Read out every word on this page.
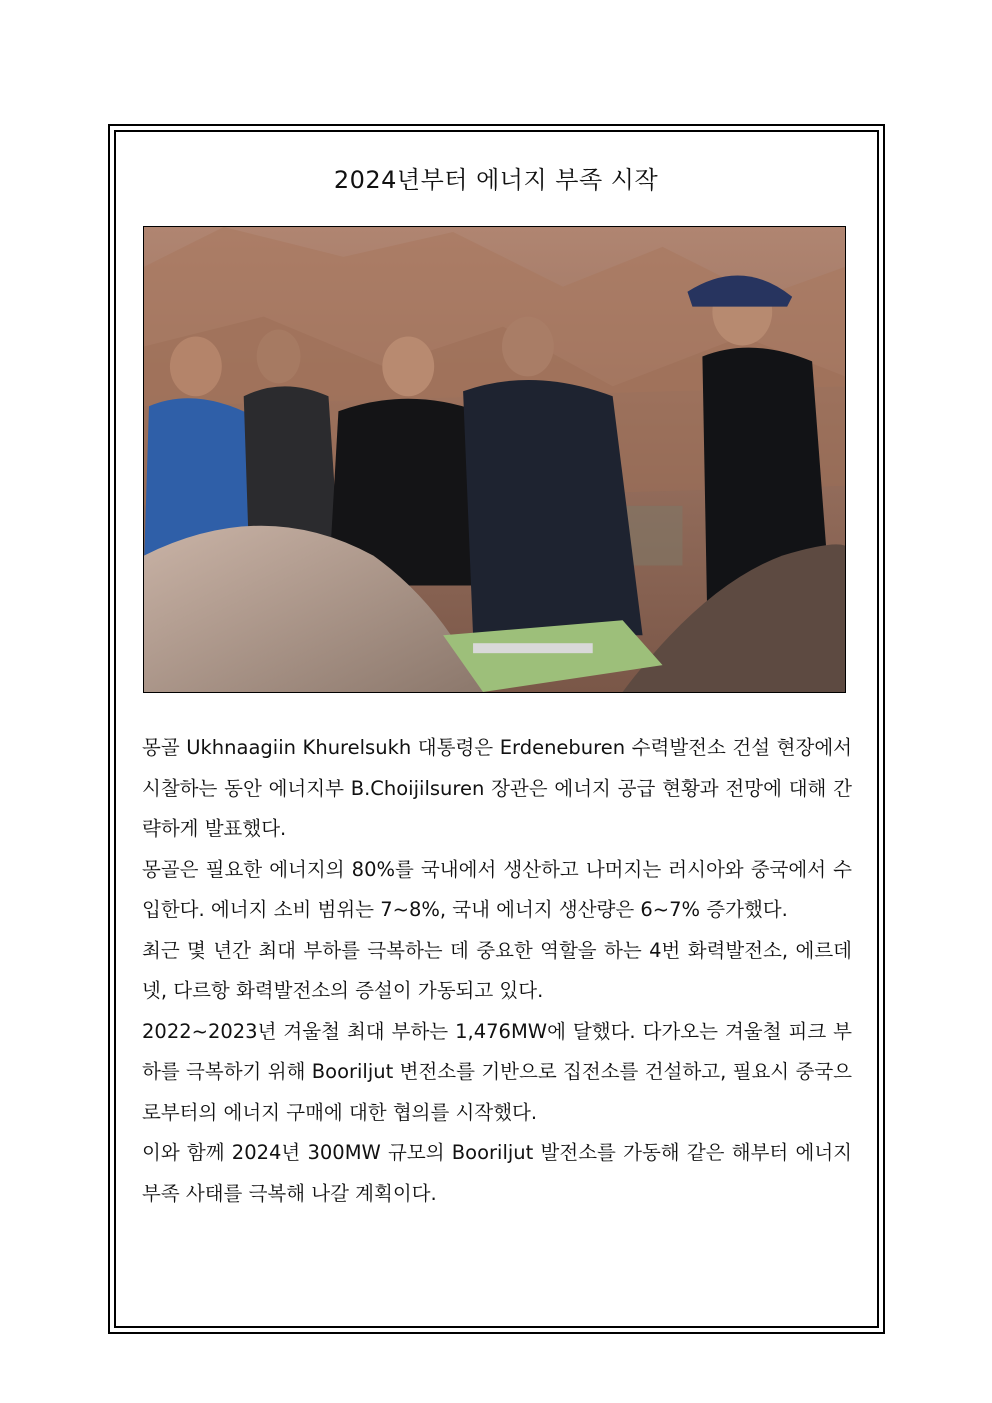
2024년부터 에너지 부족 시작

몽골 Ukhnaagiin Khurelsukh 대통령은 Erdeneburen 수력발전소 건설 현장에서 시찰하는 동안 에너지부 B.Choijilsuren 장관은 에너지 공급 현황과 전망에 대해 간략하게 발표했다.

몽골은 필요한 에너지의 80%를 국내에서 생산하고 나머지는 러시아와 중국에서 수입한다. 에너지 소비 범위는 7~8%, 국내 에너지 생산량은 6~7% 증가했다.

최근 몇 년간 최대 부하를 극복하는 데 중요한 역할을 하는 4번 화력발전소, 에르데넷, 다르항 화력발전소의 증설이 가동되고 있다.

2022~2023년 겨울철 최대 부하는 1,476MW에 달했다. 다가오는 겨울철 피크 부하를 극복하기 위해 Booriljut 변전소를 기반으로 집전소를 건설하고, 필요시 중국으로부터의 에너지 구매에 대한 협의를 시작했다.

이와 함께 2024년 300MW 규모의 Booriljut 발전소를 가동해 같은 해부터 에너지 부족 사태를 극복해 나갈 계획이다.
